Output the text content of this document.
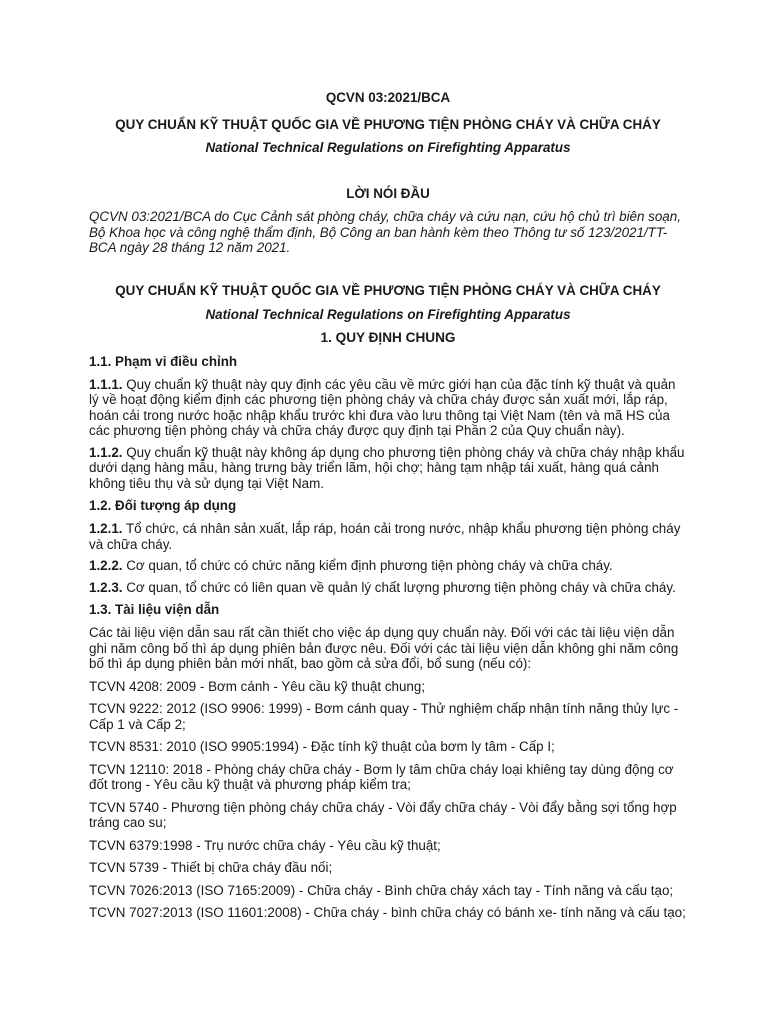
QCVN 03:2021/BCA

QUY CHUẨN KỸ THUẬT QUỐC GIA VỀ PHƯƠNG TIỆN PHÒNG CHÁY VÀ CHỮA CHÁY

National Technical Regulations on Firefighting Apparatus

LỜI NÓI ĐẦU

QCVN 03:2021/BCA do Cục Cảnh sát phòng cháy, chữa cháy và cứu nạn, cứu hộ chủ trì biên soạn, Bộ Khoa học và công nghệ thẩm định, Bộ Công an ban hành kèm theo Thông tư số 123/2021/TT-BCA ngày 28 tháng 12 năm 2021.

QUY CHUẨN KỸ THUẬT QUỐC GIA VỀ PHƯƠNG TIỆN PHÒNG CHÁY VÀ CHỮA CHÁY

National Technical Regulations on Firefighting Apparatus

1. QUY ĐỊNH CHUNG

1.1. Phạm vi điều chỉnh

1.1.1. Quy chuẩn kỹ thuật này quy định các yêu cầu về mức giới hạn của đặc tính kỹ thuật và quản lý về hoạt động kiểm định các phương tiện phòng cháy và chữa cháy được sản xuất mới, lắp ráp, hoán cải trong nước hoặc nhập khẩu trước khi đưa vào lưu thông tại Việt Nam (tên và mã HS của các phương tiện phòng cháy và chữa cháy được quy định tại Phần 2 của Quy chuẩn này).

1.1.2. Quy chuẩn kỹ thuật này không áp dụng cho phương tiện phòng cháy và chữa cháy nhập khẩu dưới dạng hàng mẫu, hàng trưng bày triển lãm, hội chợ; hàng tạm nhập tái xuất, hàng quá cảnh không tiêu thụ và sử dụng tại Việt Nam.

1.2. Đối tượng áp dụng

1.2.1. Tổ chức, cá nhân sản xuất, lắp ráp, hoán cải trong nước, nhập khẩu phương tiện phòng cháy và chữa cháy.

1.2.2. Cơ quan, tổ chức có chức năng kiểm định phương tiện phòng cháy và chữa cháy.

1.2.3. Cơ quan, tổ chức có liên quan về quản lý chất lượng phương tiện phòng cháy và chữa cháy.

1.3. Tài liệu viện dẫn

Các tài liệu viện dẫn sau rất cần thiết cho việc áp dụng quy chuẩn này. Đối với các tài liệu viện dẫn ghi năm công bố thì áp dụng phiên bản được nêu. Đối với các tài liệu viện dẫn không ghi năm công bố thì áp dụng phiên bản mới nhất, bao gồm cả sửa đổi, bổ sung (nếu có):

TCVN 4208: 2009 - Bơm cánh - Yêu cầu kỹ thuật chung;

TCVN 9222: 2012 (ISO 9906: 1999) - Bơm cánh quay - Thử nghiệm chấp nhận tính năng thủy lực - Cấp 1 và Cấp 2;

TCVN 8531: 2010 (ISO 9905:1994) - Đặc tính kỹ thuật của bơm ly tâm - Cấp I;

TCVN 12110: 2018 - Phòng cháy chữa cháy - Bơm ly tâm chữa cháy loại khiêng tay dùng động cơ đốt trong - Yêu cầu kỹ thuật và phương pháp kiểm tra;

TCVN 5740 - Phương tiện phòng cháy chữa cháy - Vòi đẩy chữa cháy - Vòi đẩy bằng sợi tổng hợp tráng cao su;

TCVN 6379:1998 - Trụ nước chữa cháy - Yêu cầu kỹ thuật;

TCVN 5739 - Thiết bị chữa cháy đầu nối;

TCVN 7026:2013 (ISO 7165:2009) - Chữa cháy - Bình chữa cháy xách tay - Tính năng và cấu tạo;

TCVN 7027:2013 (ISO 11601:2008) - Chữa cháy - bình chữa cháy có bánh xe- tính năng và cấu tạo;
